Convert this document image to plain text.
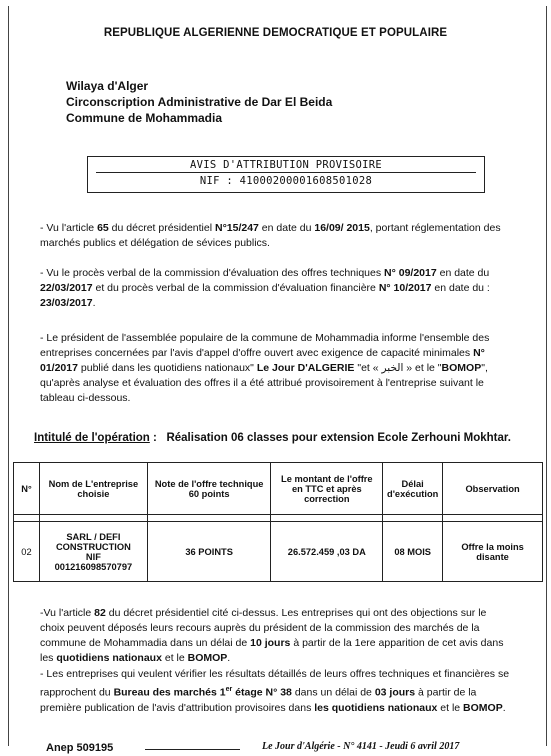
REPUBLIQUE ALGERIENNE DEMOCRATIQUE ET POPULAIRE
Wilaya d'Alger
Circonscription Administrative de Dar El Beida
Commune de Mohammadia
AVIS D'ATTRIBUTION PROVISOIRE
NIF : 41000200001608501028
- Vu l'article 65 du décret présidentiel N°15/247 en date du 16/09/ 2015, portant réglementation des marchés publics et délégation de sévices publics.
- Vu le procès verbal de la commission d'évaluation des offres techniques N° 09/2017 en date du 22/03/2017 et du procès verbal de la commission d'évaluation financière N° 10/2017 en date du : 23/03/2017.
- Le président de l'assemblée populaire de la commune de Mohammadia informe l'ensemble des entreprises concernées par l'avis d'appel d'offre ouvert avec exigence de capacité minimales N° 01/2017 publié dans les quotidiens nationaux" Le Jour D'ALGERIE "et « الخبر » et le "BOMOP", qu'après analyse et évaluation des offres il a été attribué provisoirement à l'entreprise suivant le tableau ci-dessous.
Intitulé de l'opération : Réalisation 06 classes pour extension Ecole Zerhouni Mokhtar.
N°	Nom de L'entreprise choisie	Note de l'offre technique 60 points	Le montant de l'offre en TTC et après correction	Délai d'exécution	Observation

02	SARL / DEFI
CONSTRUCTION
NIF
001216098570797	36 POINTS	26.572.459 ,03 DA	08 MOIS	Offre la moins disante
-Vu l'article 82 du décret présidentiel cité ci-dessus. Les entreprises qui ont des objections sur le choix peuvent déposés leurs recours auprès du président de la commission des marchés de la commune de Mohammadia dans un délai de 10 jours à partir de la 1ere apparition de cet avis dans les quotidiens nationaux et le BOMOP.
- Les entreprises qui veulent vérifier les résultats détaillés de leurs offres techniques et financières se rapprochent du Bureau des marchés 1er étage N° 38 dans un délai de 03 jours à partir de la première publication de l'avis d'attribution provisoires dans les quotidiens nationaux et le BOMOP.
Anep 509195	Le Jour d'Algérie - N° 4141 - Jeudi 6 avril 2017
